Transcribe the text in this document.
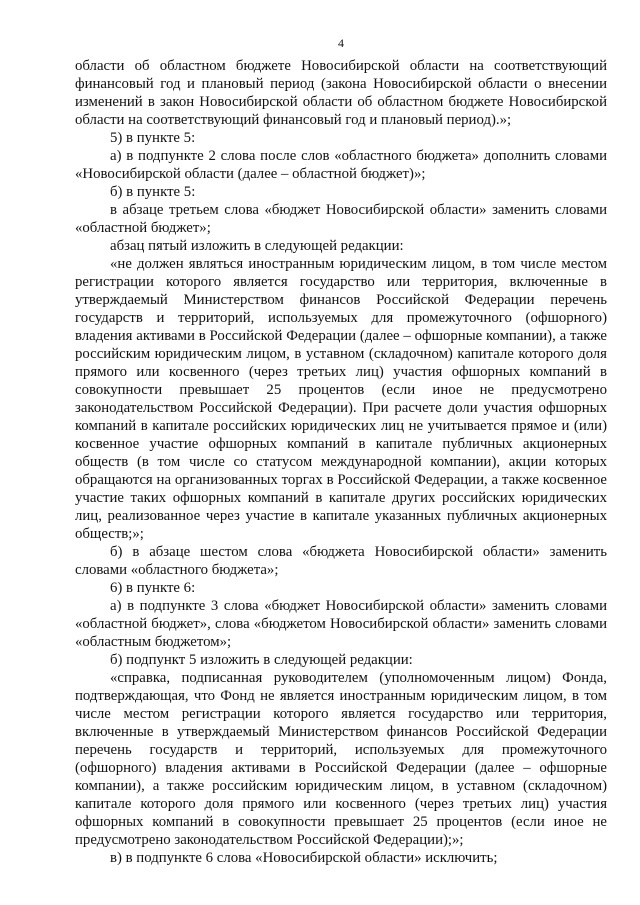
4

области об областном бюджете Новосибирской области на соответствующий финансовый год и плановый период (закона Новосибирской области о внесении изменений в закон Новосибирской области об областном бюджете Новосибирской области на соответствующий финансовый год и плановый период).»;

5) в пункте 5:

а) в подпункте 2 слова после слов «областного бюджета» дополнить словами «Новосибирской области (далее – областной бюджет)»;

б) в пункте 5:

в абзаце третьем слова «бюджет Новосибирской области» заменить словами «областной бюджет»;

абзац пятый изложить в следующей редакции:

«не должен являться иностранным юридическим лицом, в том числе местом регистрации которого является государство или территория, включенные в утверждаемый Министерством финансов Российской Федерации перечень государств и территорий, используемых для промежуточного (офшорного) владения активами в Российской Федерации (далее – офшорные компании), а также российским юридическим лицом, в уставном (складочном) капитале которого доля прямого или косвенного (через третьих лиц) участия офшорных компаний в совокупности превышает 25 процентов (если иное не предусмотрено законодательством Российской Федерации). При расчете доли участия офшорных компаний в капитале российских юридических лиц не учитывается прямое и (или) косвенное участие офшорных компаний в капитале публичных акционерных обществ (в том числе со статусом международной компании), акции которых обращаются на организованных торгах в Российской Федерации, а также косвенное участие таких офшорных компаний в капитале других российских юридических лиц, реализованное через участие в капитале указанных публичных акционерных обществ;»;

б) в абзаце шестом слова «бюджета Новосибирской области» заменить словами «областного бюджета»;

6) в пункте 6:

а) в подпункте 3 слова «бюджет Новосибирской области» заменить словами «областной бюджет», слова «бюджетом Новосибирской области» заменить словами «областным бюджетом»;

б) подпункт 5 изложить в следующей редакции:

«справка, подписанная руководителем (уполномоченным лицом) Фонда, подтверждающая, что Фонд не является иностранным юридическим лицом, в том числе местом регистрации которого является государство или территория, включенные в утверждаемый Министерством финансов Российской Федерации перечень государств и территорий, используемых для промежуточного (офшорного) владения активами в Российской Федерации (далее – офшорные компании), а также российским юридическим лицом, в уставном (складочном) капитале которого доля прямого или косвенного (через третьих лиц) участия офшорных компаний в совокупности превышает 25 процентов (если иное не предусмотрено законодательством Российской Федерации);»;

в) в подпункте 6 слова «Новосибирской области» исключить;
